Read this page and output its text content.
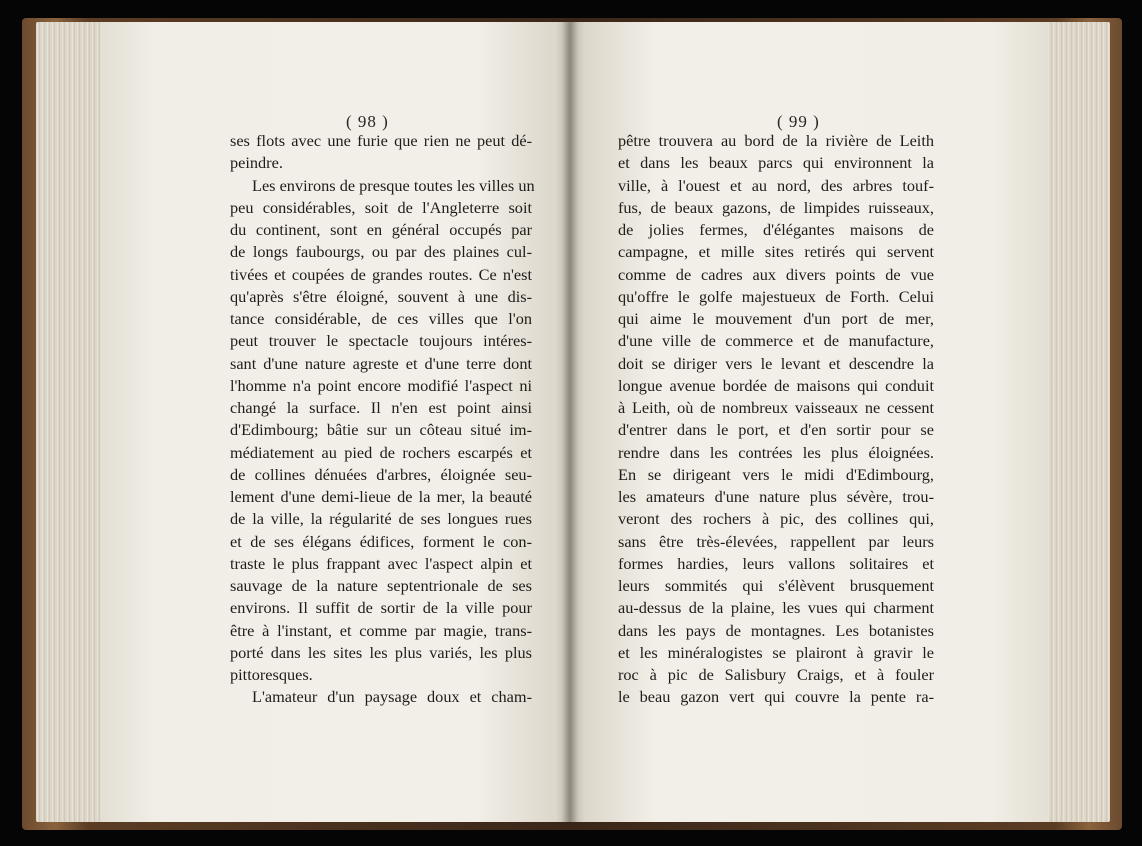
( 98 )	( 99 )
ses flots avec une furie que rien ne peut dé-
peindre.
Les environs de presque toutes les villes un
peu considérables, soit de l'Angleterre soit
du continent, sont en général occupés par
de longs faubourgs, ou par des plaines cul-
tivées et coupées de grandes routes. Ce n'est
qu'après s'être éloigné, souvent à une dis-
tance considérable, de ces villes que l'on
peut trouver le spectacle toujours intéres-
sant d'une nature agreste et d'une terre dont
l'homme n'a point encore modifié l'aspect ni
changé la surface. Il n'en est point ainsi
d'Edimbourg; bâtie sur un côteau situé im-
médiatement au pied de rochers escarpés et
de collines dénuées d'arbres, éloignée seu-
lement d'une demi-lieue de la mer, la beauté
de la ville, la régularité de ses longues rues
et de ses élégans édifices, forment le con-
traste le plus frappant avec l'aspect alpin et
sauvage de la nature septentrionale de ses
environs. Il suffit de sortir de la ville pour
être à l'instant, et comme par magie, trans-
porté dans les sites les plus variés, les plus
pittoresques.
L'amateur d'un paysage doux et cham-
pêtre trouvera au bord de la rivière de Leith
et dans les beaux parcs qui environnent la
ville, à l'ouest et au nord, des arbres touf-
fus, de beaux gazons, de limpides ruisseaux,
de jolies fermes, d'élégantes maisons de
campagne, et mille sites retirés qui servent
comme de cadres aux divers points de vue
qu'offre le golfe majestueux de Forth. Celui
qui aime le mouvement d'un port de mer,
d'une ville de commerce et de manufacture,
doit se diriger vers le levant et descendre la
longue avenue bordée de maisons qui conduit
à Leith, où de nombreux vaisseaux ne cessent
d'entrer dans le port, et d'en sortir pour se
rendre dans les contrées les plus éloignées.
En se dirigeant vers le midi d'Edimbourg,
les amateurs d'une nature plus sévère, trou-
veront des rochers à pic, des collines qui,
sans être très-élevées, rappellent par leurs
formes hardies, leurs vallons solitaires et
leurs sommités qui s'élèvent brusquement
au-dessus de la plaine, les vues qui charment
dans les pays de montagnes. Les botanistes
et les minéralogistes se plairont à gravir le
roc à pic de Salisbury Craigs, et à fouler
le beau gazon vert qui couvre la pente ra-
